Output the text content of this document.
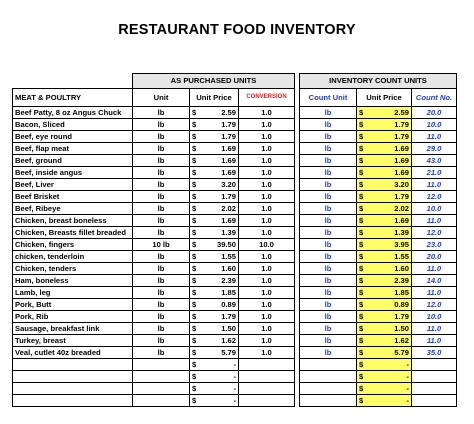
RESTAURANT FOOD INVENTORY
	AS PURCHASED UNITS					INVENTORY COUNT UNITS			
MEAT & POULTRY	Unit	Unit Price		CONVERSION		Count Unit	Unit Price		Count No.
Beef Patty, 8 oz Angus Chuck	lb	$	2.59	1.0		lb	$	2.59	20.0
Bacon, Sliced	lb	$	1.79	1.0		lb	$	1.79	10.0
Beef, eye round	lb	$	1.79	1.0		lb	$	1.79	11.0
Beef, flap meat	lb	$	1.69	1.0		lb	$	1.69	29.0
Beef, ground	lb	$	1.69	1.0		lb	$	1.69	43.0
Beef, inside angus	lb	$	1.69	1.0		lb	$	1.69	21.0
Beef, Liver	lb	$	3.20	1.0		lb	$	3.20	11.0
Beef Brisket	lb	$	1.79	1.0		lb	$	1.79	12.0
Beef, Ribeye	lb	$	2.02	1.0		lb	$	2.02	10.0
Chicken, breast boneless	lb	$	1.69	1.0		lb	$	1.69	11.0
Chicken, Breasts fillet breaded	lb	$	1.39	1.0		lb	$	1.39	12.0
Chicken, fingers	10 lb	$	39.50	10.0		lb	$	3.95	23.0
chicken, tenderloin	lb	$	1.55	1.0		lb	$	1.55	20.0
Chicken, tenders	lb	$	1.60	1.0		lb	$	1.60	11.0
Ham, boneless	lb	$	2.39	1.0		lb	$	2.39	14.0
Lamb, leg	lb	$	1.85	1.0		lb	$	1.85	11.0
Pork, Butt	lb	$	0.89	1.0		lb	$	0.89	12.0
Pork, Rib	lb	$	1.79	1.0		lb	$	1.79	10.0
Sausage, breakfast link	lb	$	1.50	1.0		lb	$	1.50	11.0
Turkey, breast	lb	$	1.62	1.0		lb	$	1.62	11.0
Veal, cutlet 40z breaded	lb	$	5.79	1.0		lb	$	5.79	35.0
		$	-				$	-	
		$	-				$	-	
		$	-				$	-	
		$	-				$	-	
